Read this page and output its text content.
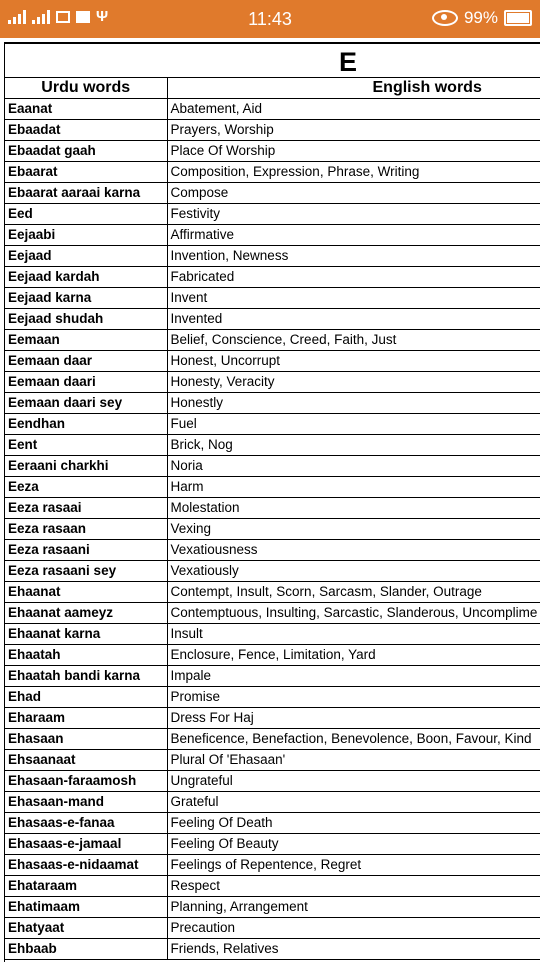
Ψ	11:43	99%
E
Urdu words	English words
Eaanat	Abatement, Aid
Ebaadat	Prayers, Worship
Ebaadat gaah	Place Of Worship
Ebaarat	Composition, Expression, Phrase, Writing
Ebaarat aaraai karna	Compose
Eed	Festivity
Eejaabi	Affirmative
Eejaad	Invention, Newness
Eejaad kardah	Fabricated
Eejaad karna	Invent
Eejaad shudah	Invented
Eemaan	Belief, Conscience, Creed, Faith, Just
Eemaan daar	Honest, Uncorrupt
Eemaan daari	Honesty, Veracity
Eemaan daari sey	Honestly
Eendhan	Fuel
Eent	Brick, Nog
Eeraani charkhi	Noria
Eeza	Harm
Eeza rasaai	Molestation
Eeza rasaan	Vexing
Eeza rasaani	Vexatiousness
Eeza rasaani sey	Vexatiously
Ehaanat	Contempt, Insult, Scorn, Sarcasm, Slander, Outrage
Ehaanat aameyz	Contemptuous, Insulting, Sarcastic, Slanderous, Uncomplime
Ehaanat karna	Insult
Ehaatah	Enclosure, Fence, Limitation, Yard
Ehaatah bandi karna	Impale
Ehad	Promise
Eharaam	Dress For Haj
Ehasaan	Beneficence, Benefaction, Benevolence, Boon, Favour, Kind
Ehsaanaat	Plural Of 'Ehasaan'
Ehasaan-faraamosh	Ungrateful
Ehasaan-mand	Grateful
Ehasaas-e-fanaa	Feeling Of Death
Ehasaas-e-jamaal	Feeling Of Beauty
Ehasaas-e-nidaamat	Feelings of Repentence, Regret
Ehataraam	Respect
Ehatimaam	Planning, Arrangement
Ehatyaat	Precaution
Ehbaab	Friends, Relatives
